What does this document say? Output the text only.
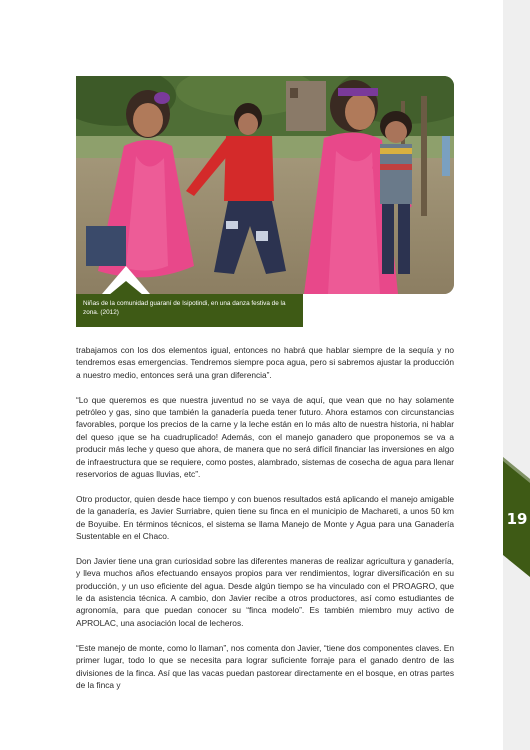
19
Niñas de la comunidad guaraní de Isipotindi, en una danza festiva de la zona. (2012)

trabajamos con los dos elementos igual, entonces no habrá que hablar siempre de la sequía y no tendremos esas emergencias. Tendremos siempre poca agua, pero si sabremos ajustar la producción a nuestro medio, entonces será una gran diferencia”.

“Lo que queremos es que nuestra juventud no se vaya de aquí, que vean que no hay solamente petróleo y gas, sino que también la ganadería pueda tener futuro. Ahora estamos con circunstancias favorables, porque los precios de la carne y la leche están en lo más alto de nuestra historia, ni hablar del queso ¡que se ha cuadruplicado! Además, con el manejo ganadero que proponemos se va a producir más leche y queso que ahora, de manera que no será difícil financiar las inversiones en algo de infraestructura que se requiere, como postes, alambrado, sistemas de cosecha de agua para llenar reservorios de aguas lluvias, etc”.

Otro productor, quien desde hace tiempo y con buenos resultados está aplicando el manejo amigable de la ganadería, es Javier Surriabre, quien tiene su finca en el municipio de Machareti, a unos 50 km de Boyuibe. En términos técnicos, el sistema se llama Manejo de Monte y Agua para una Ganadería Sustentable en el Chaco.

Don Javier tiene una gran curiosidad sobre las diferentes maneras de realizar agricultura y ganadería, y lleva muchos años efectuando ensayos propios para ver rendimientos, lograr diversificación en su producción, y un uso eficiente del agua. Desde algún tiempo se ha vinculado con el PROAGRO, que le da asistencia técnica. A cambio, don Javier recibe a otros productores, así como estudiantes de agronomía, para que puedan conocer su “finca modelo”. Es también miembro muy activo de APROLAC, una asociación local de lecheros.

“Este manejo de monte, como lo llaman”, nos comenta don Javier, “tiene dos componentes claves. En primer lugar, todo lo que se necesita para lograr suficiente forraje para el ganado dentro de las divisiones de la finca. Así que las vacas puedan pastorear directamente en el bosque, en otras partes de la finca y
